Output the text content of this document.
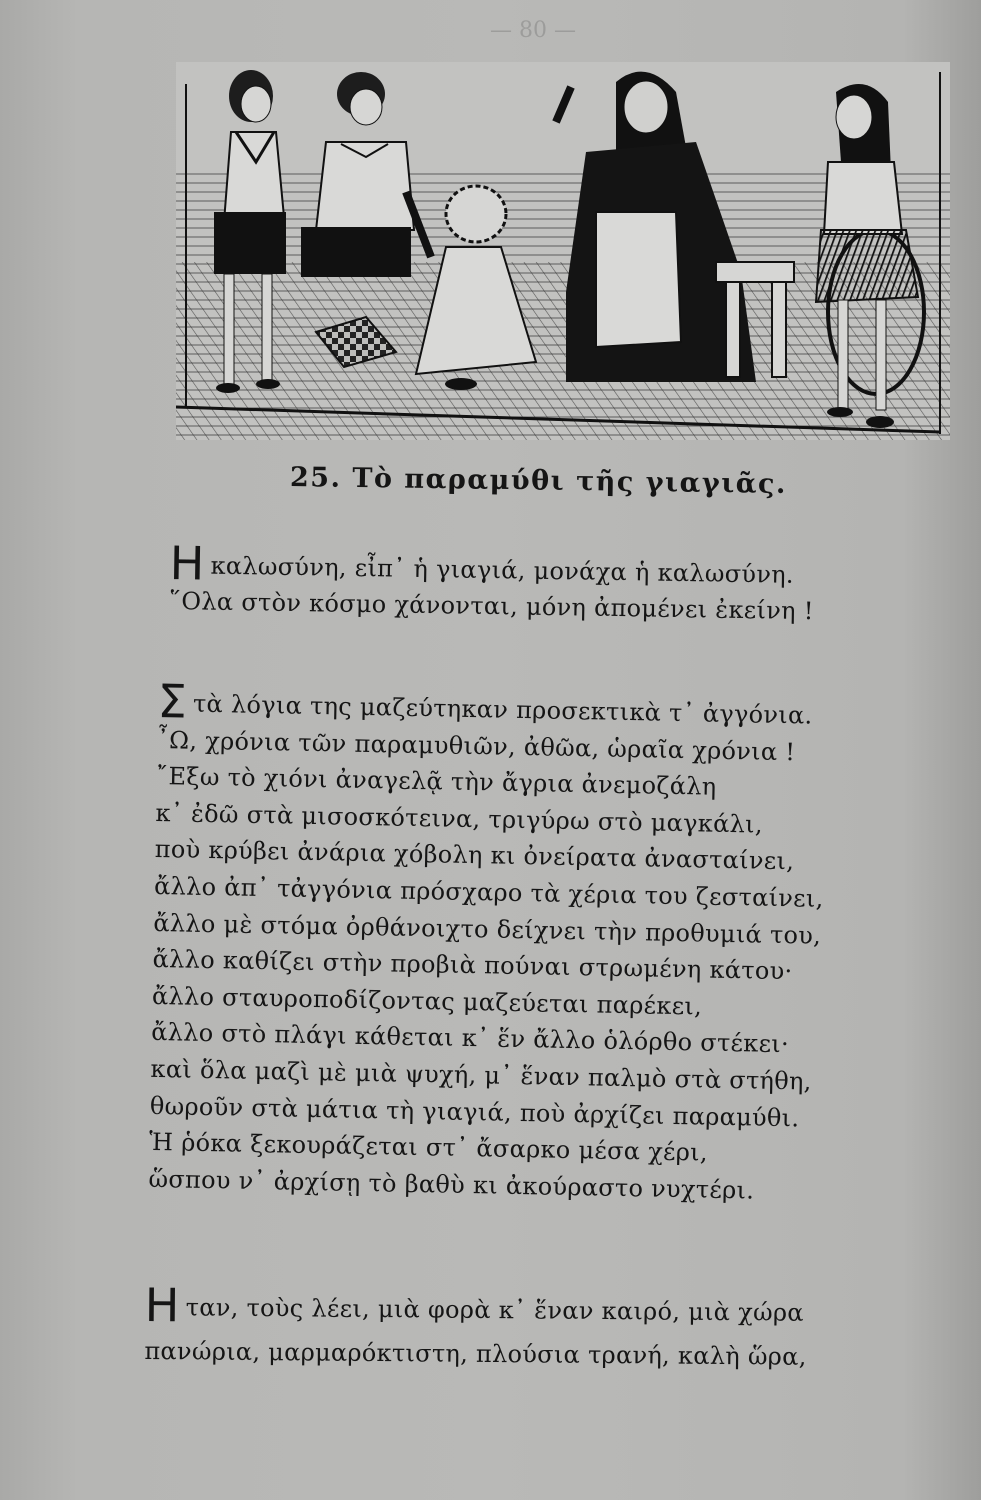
— 80 —
25. Τὸ παραμύθι τῆς γιαγιᾶς.
Ηκαλωσύνη, εἶπ᾽ ἡ γιαγιά, μονάχα ἡ καλωσύνη.
῞Ολα στὸν κόσμο χάνονται, μόνη ἀπομένει ἐκείνη !
Στὰ λόγια της μαζεύτηκαν προσεκτικὰ τ᾽ ἀγγόνια.
῏Ω, χρόνια τῶν παραμυθιῶν, ἀθῶα, ὡραῖα χρόνια !
῎Εξω τὸ χιόνι ἀναγελᾷ τὴν ἄγρια ἀνεμοζάλη
κ᾽ ἐδῶ στὰ μισοσκότεινα, τριγύρω στὸ μαγκάλι,
ποὺ κρύβει ἀνάρια χόβολη κι ὀνείρατα ἀνασταίνει,
ἄλλο ἀπ᾽ τἀγγόνια πρόσχαρο τὰ χέρια του ζεσταίνει,
ἄλλο μὲ στόμα ὀρθάνοιχτο δείχνει τὴν προθυμιά του,
ἄλλο καθίζει στὴν προβιὰ πούναι στρωμένη κάτου·
ἄλλο σταυροποδίζοντας μαζεύεται παρέκει,
ἄλλο στὸ πλάγι κάθεται κ᾽ ἕν ἄλλο ὁλόρθο στέκει·
καὶ ὅλα μαζὶ μὲ μιὰ ψυχή, μ᾽ ἕναν παλμὸ στὰ στήθη,
θωροῦν στὰ μάτια τὴ γιαγιά, ποὺ ἀρχίζει παραμύθι.
Ἡ ῥόκα ξεκουράζεται στ᾽ ἄσαρκο μέσα χέρι,
ὥσπου ν᾽ ἀρχίσῃ τὸ βαθὺ κι ἀκούραστο νυχτέρι.
Ηταν, τοὺς λέει, μιὰ φορὰ κ᾽ ἕναν καιρό, μιὰ χώρα
πανώρια, μαρμαρόκτιστη, πλούσια τρανή, καλὴ ὥρα,
